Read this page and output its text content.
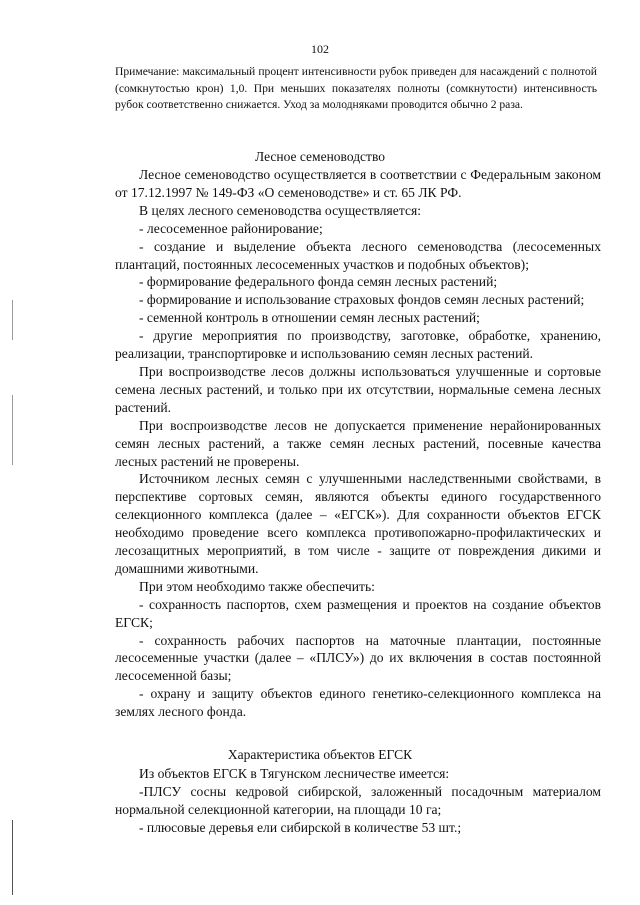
102

Примечание: максимальный процент интенсивности рубок приведен для насаждений с полнотой (сомкнутостью крон) 1,0. При меньших показателях полноты (сомкнутости) интенсивность рубок соответственно снижается. Уход за молодняками проводится обычно 2 раза.

Лесное семеноводство

Лесное семеноводство осуществляется в соответствии с Федеральным законом от 17.12.1997 № 149-ФЗ «О семеноводстве» и ст. 65 ЛК РФ.

В целях лесного семеноводства осуществляется:

- лесосеменное районирование;

- создание и выделение объекта лесного семеноводства (лесосеменных плантаций, постоянных лесосеменных участков и подобных объектов);

- формирование федерального фонда семян лесных растений;

- формирование и использование страховых фондов семян лесных растений;

- семенной контроль в отношении семян лесных растений;

- другие мероприятия по производству, заготовке, обработке, хранению, реализации, транспортировке и использованию семян лесных растений.

При воспроизводстве лесов должны использоваться улучшенные и сортовые семена лесных растений, и только при их отсутствии, нормальные семена лесных растений.

При воспроизводстве лесов не допускается применение нерайонированных семян лесных растений, а также семян лесных растений, посевные качества лесных растений не проверены.

Источником лесных семян с улучшенными наследственными свойствами, в перспективе сортовых семян, являются объекты единого государственного селекционного комплекса (далее – «ЕГСК»). Для сохранности объектов ЕГСК необходимо проведение всего комплекса противопожарно-профилактических и лесозащитных мероприятий, в том числе - защите от повреждения дикими и домашними животными.

При этом необходимо также обеспечить:

- сохранность паспортов, схем размещения и проектов на создание объектов ЕГСК;

- сохранность рабочих паспортов на маточные плантации, постоянные лесосеменные участки (далее – «ПЛСУ») до их включения в состав постоянной лесосеменной базы;

- охрану и защиту объектов единого генетико-селекционного комплекса на землях лесного фонда.

Характеристика объектов ЕГСК

Из объектов ЕГСК в Тягунском лесничестве имеется:

-ПЛСУ сосны кедровой сибирской, заложенный посадочным материалом нормальной селекционной категории, на площади 10 га;

- плюсовые деревья ели сибирской в количестве 53 шт.;
